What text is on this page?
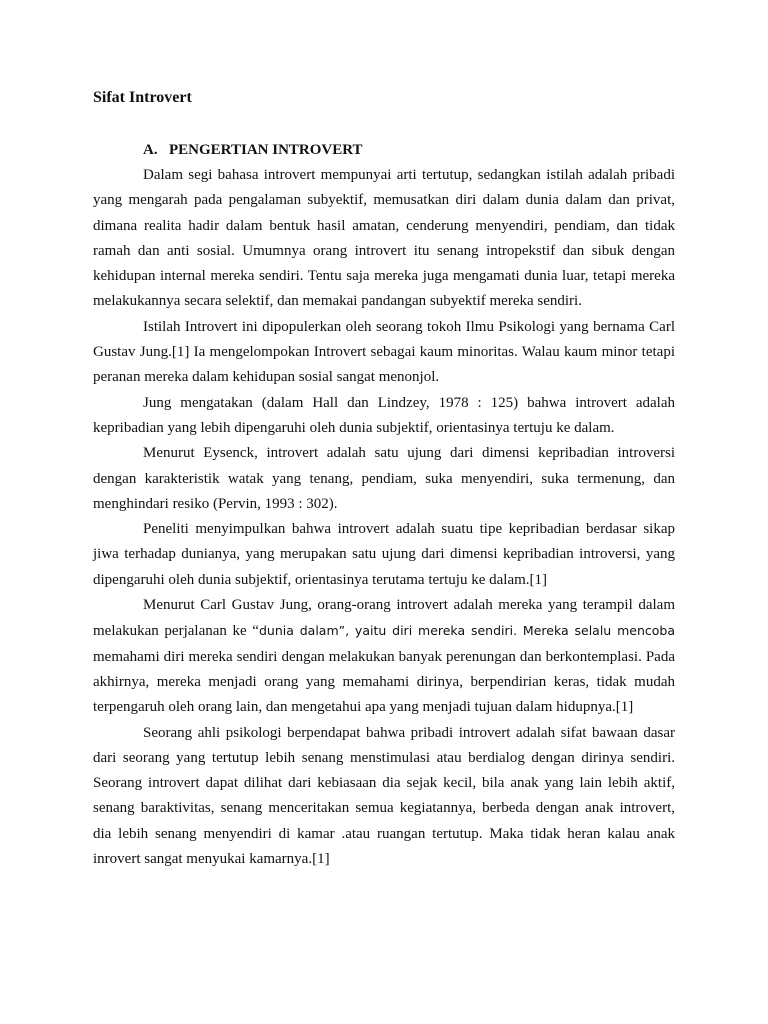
Sifat Introvert
A. PENGERTIAN INTROVERT

Dalam segi bahasa introvert mempunyai arti tertutup, sedangkan istilah adalah pribadi yang mengarah pada pengalaman subyektif, memusatkan diri dalam dunia dalam dan privat, dimana realita hadir dalam bentuk hasil amatan, cenderung menyendiri, pendiam, dan tidak ramah dan anti sosial. Umumnya orang introvert itu senang intropekstif dan sibuk dengan kehidupan internal mereka sendiri. Tentu saja mereka juga mengamati dunia luar, tetapi mereka melakukannya secara selektif, dan memakai pandangan subyektif mereka sendiri.

Istilah Introvert ini dipopulerkan oleh seorang tokoh Ilmu Psikologi yang bernama Carl Gustav Jung.[1] Ia mengelompokan Introvert sebagai kaum minoritas. Walau kaum minor tetapi peranan mereka dalam kehidupan sosial sangat menonjol.

Jung mengatakan (dalam Hall dan Lindzey, 1978 : 125) bahwa introvert adalah kepribadian yang lebih dipengaruhi oleh dunia subjektif, orientasinya tertuju ke dalam.

Menurut Eysenck, introvert adalah satu ujung dari dimensi kepribadian introversi dengan karakteristik watak yang tenang, pendiam, suka menyendiri, suka termenung, dan menghindari resiko (Pervin, 1993 : 302).

Peneliti menyimpulkan bahwa introvert adalah suatu tipe kepribadian berdasar sikap jiwa terhadap dunianya, yang merupakan satu ujung dari dimensi kepribadian introversi, yang dipengaruhi oleh dunia subjektif, orientasinya terutama tertuju ke dalam.[1]

Menurut Carl Gustav Jung, orang-orang introvert adalah mereka yang terampil dalam melakukan perjalanan ke “dunia dalam”, yaitu diri mereka sendiri. Mereka selalu mencoba memahami diri mereka sendiri dengan melakukan banyak perenungan dan berkontemplasi. Pada akhirnya, mereka menjadi orang yang memahami dirinya, berpendirian keras, tidak mudah terpengaruh oleh orang lain, dan mengetahui apa yang menjadi tujuan dalam hidupnya.[1]

Seorang ahli psikologi berpendapat bahwa pribadi introvert adalah sifat bawaan dasar dari seorang yang tertutup lebih senang menstimulasi atau berdialog dengan dirinya sendiri. Seorang introvert dapat dilihat dari kebiasaan dia sejak kecil, bila anak yang lain lebih aktif, senang baraktivitas, senang menceritakan semua kegiatannya, berbeda dengan anak introvert, dia lebih senang menyendiri di kamar .atau ruangan tertutup. Maka tidak heran kalau anak inrovert sangat menyukai kamarnya.[1]
